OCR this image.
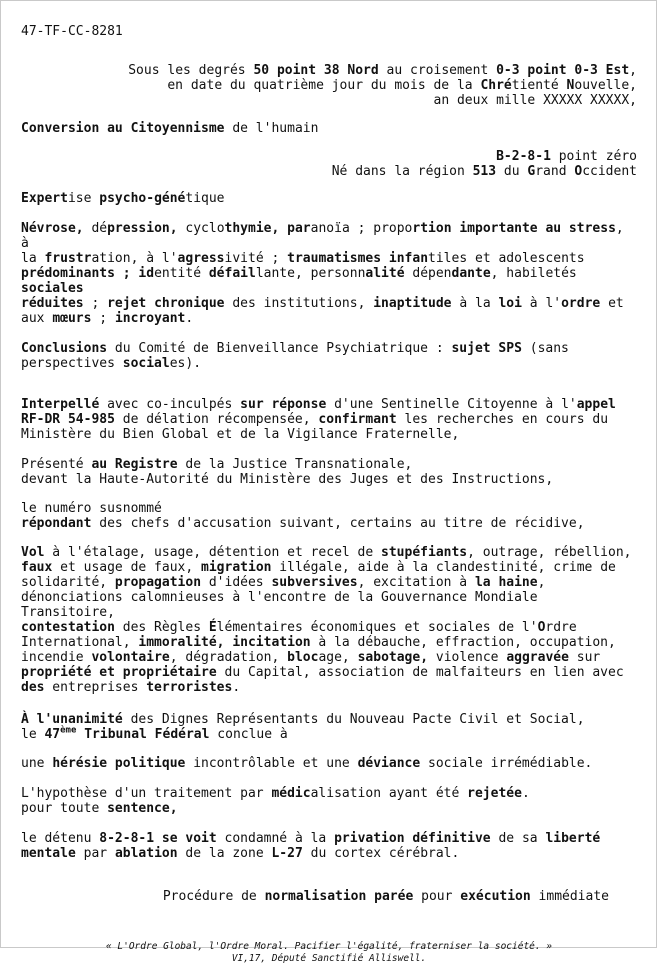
47-TF-CC-8281
Sous les degrés 50 point 38 Nord au croisement 0-3 point 0-3 Est,
en date du quatrième jour du mois de la Chrétienté Nouvelle,
an deux mille XXXXX XXXXX,
Conversion au Citoyennisme de l'humain
B-2-8-1 point zéro
Né dans la région 513 du Grand Occident
Expertise psycho-génétique
Névrose, dépression, cyclothymie, paranoïa ; proportion importante au stress, à
la frustration, à l'agressivité ; traumatismes infantiles et adolescents
prédominants ; identité défaillante, personnalité dépendante, habiletés sociales
réduites ; rejet chronique des institutions, inaptitude à la loi à l'ordre et
aux mœurs ; incroyant.
Conclusions du Comité de Bienveillance Psychiatrique : sujet SPS (sans
perspectives sociales).
Interpellé avec co-inculpés sur réponse d'une Sentinelle Citoyenne à l'appel
RF-DR 54-985 de délation récompensée, confirmant les recherches en cours du
Ministère du Bien Global et de la Vigilance Fraternelle,
Présenté au Registre de la Justice Transnationale,
devant la Haute-Autorité du Ministère des Juges et des Instructions,
le numéro susnommé
répondant des chefs d'accusation suivant, certains au titre de récidive,
Vol à l'étalage, usage, détention et recel de stupéfiants, outrage, rébellion,
faux et usage de faux, migration illégale, aide à la clandestinité, crime de
solidarité, propagation d'idées subversives, excitation à la haine,
dénonciations calomnieuses à l'encontre de la Gouvernance Mondiale Transitoire,
contestation des Règles Élémentaires économiques et sociales de l'Ordre
International, immoralité, incitation à la débauche, effraction, occupation,
incendie volontaire, dégradation, blocage, sabotage, violence aggravée sur
propriété et propriétaire du Capital, association de malfaiteurs en lien avec
des entreprises terroristes.
À l'unanimité des Dignes Représentants du Nouveau Pacte Civil et Social,
le 47ème Tribunal Fédéral conclue à
une hérésie politique incontrôlable et une déviance sociale irrémédiable.
L'hypothèse d'un traitement par médicalisation ayant été rejetée.
pour toute sentence,
le détenu 8-2-8-1 se voit condamné à la privation définitive de sa liberté
mentale par ablation de la zone L-27 du cortex cérébral.
Procédure de normalisation parée pour exécution immédiate
« L'Ordre Global, l'Ordre Moral. Pacifier l'égalité, fraterniser la société. »
VI,17, Député Sanctifié Alliswell.
